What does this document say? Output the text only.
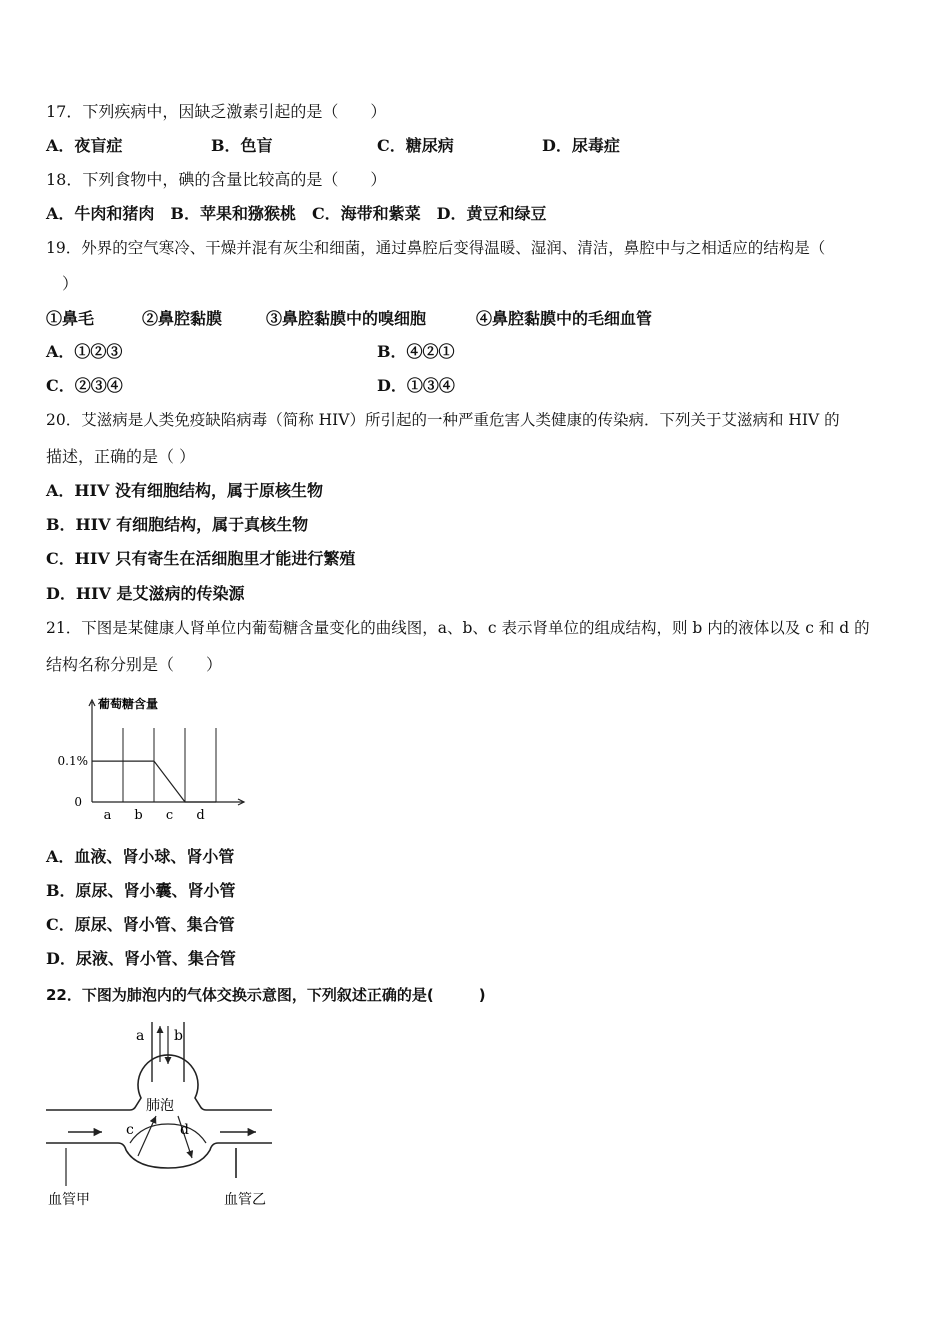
17．下列疾病中，因缺乏激素引起的是（　　）
A．夜盲症	B．色盲	C．糖尿病	D．尿毒症
18．下列食物中，碘的含量比较高的是（　　）
A．牛肉和猪肉　B．苹果和猕猴桃　C．海带和紫菜　D．黄豆和绿豆
19．外界的空气寒冷、干燥并混有灰尘和细菌，通过鼻腔后变得温暖、湿润、清洁，鼻腔中与之相适应的结构是（
　）
①鼻毛	②鼻腔黏膜	③鼻腔黏膜中的嗅细胞	④鼻腔黏膜中的毛细血管
A．①②③	B．④②①
C．②③④	D．①③④
20．艾滋病是人类免疫缺陷病毒（简称 HIV）所引起的一种严重危害人类健康的传染病．下列关于艾滋病和 HIV 的
描述，正确的是（ ）
A．HIV 没有细胞结构，属于原核生物
B．HIV 有细胞结构，属于真核生物
C．HIV 只有寄生在活细胞里才能进行繁殖
D．HIV 是艾滋病的传染源
21．下图是某健康人肾单位内葡萄糖含量变化的曲线图，a、b、c 表示肾单位的组成结构，则 b 内的液体以及 c 和 d 的
结构名称分别是（　　）
葡萄糖含量
0
0.1%
a b c d
A．血液、肾小球、肾小管
B．原尿、肾小囊、肾小管
C．原尿、肾小管、集合管
D．尿液、肾小管、集合管
22．下图为肺泡内的气体交换示意图，下列叙述正确的是(　　　)
a b
肺泡
c	d
血管甲	血管乙
